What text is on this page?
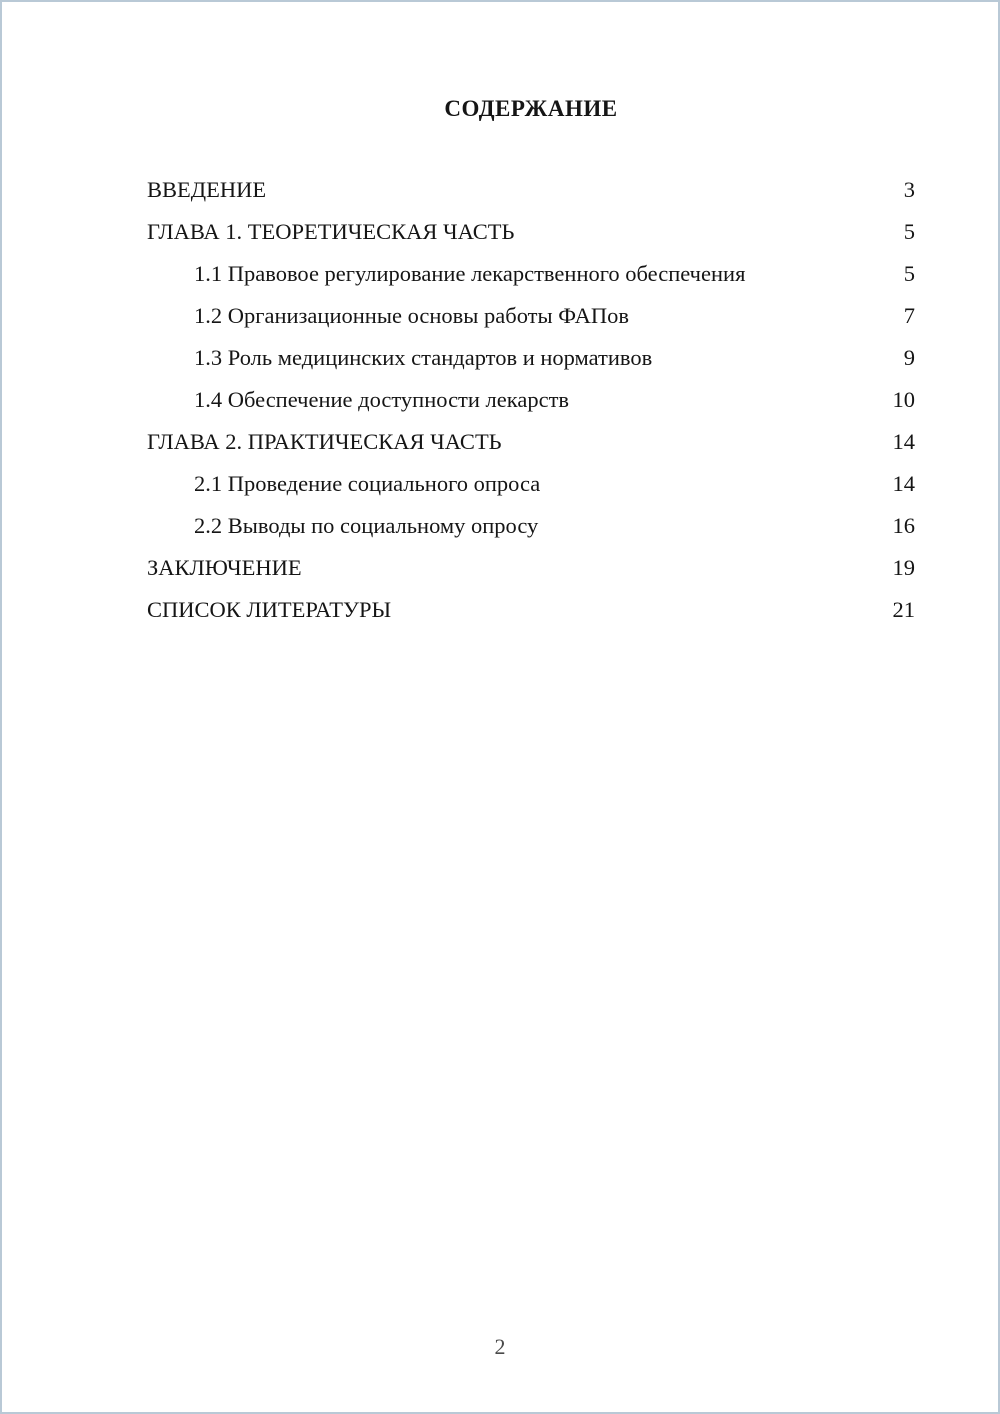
СОДЕРЖАНИЕ
ВВЕДЕНИЕ	3
ГЛАВА 1. ТЕОРЕТИЧЕСКАЯ ЧАСТЬ	5
1.1 Правовое регулирование лекарственного обеспечения	5
1.2 Организационные основы работы ФАПов	7
1.3 Роль медицинских стандартов и нормативов	9
1.4 Обеспечение доступности лекарств	10
ГЛАВА 2. ПРАКТИЧЕСКАЯ ЧАСТЬ	14
2.1 Проведение социального опроса	14
2.2 Выводы по социальному опросу	16
ЗАКЛЮЧЕНИЕ	19
СПИСОК ЛИТЕРАТУРЫ	21
2
